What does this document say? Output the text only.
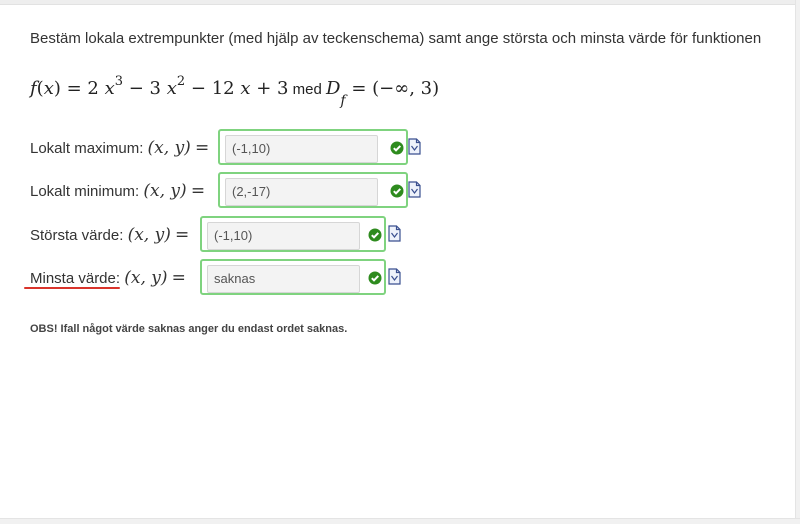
Bestäm lokala extrempunkter (med hjälp av teckenschema) samt ange största och minsta värde för funktionen
f(x) = 2 $x^3 - 3$ $x^2 - 12$ x + 3 med $D_f$ = (−∞, 3)
Lokalt maximum: (x, y) =	(-1,10)
Lokalt minimum: (x, y) =	(2,-17)
Största värde: (x, y) =	(-1,10)
Minsta värde: (x, y) =	saknas
OBS! Ifall något värde saknas anger du endast ordet saknas.
